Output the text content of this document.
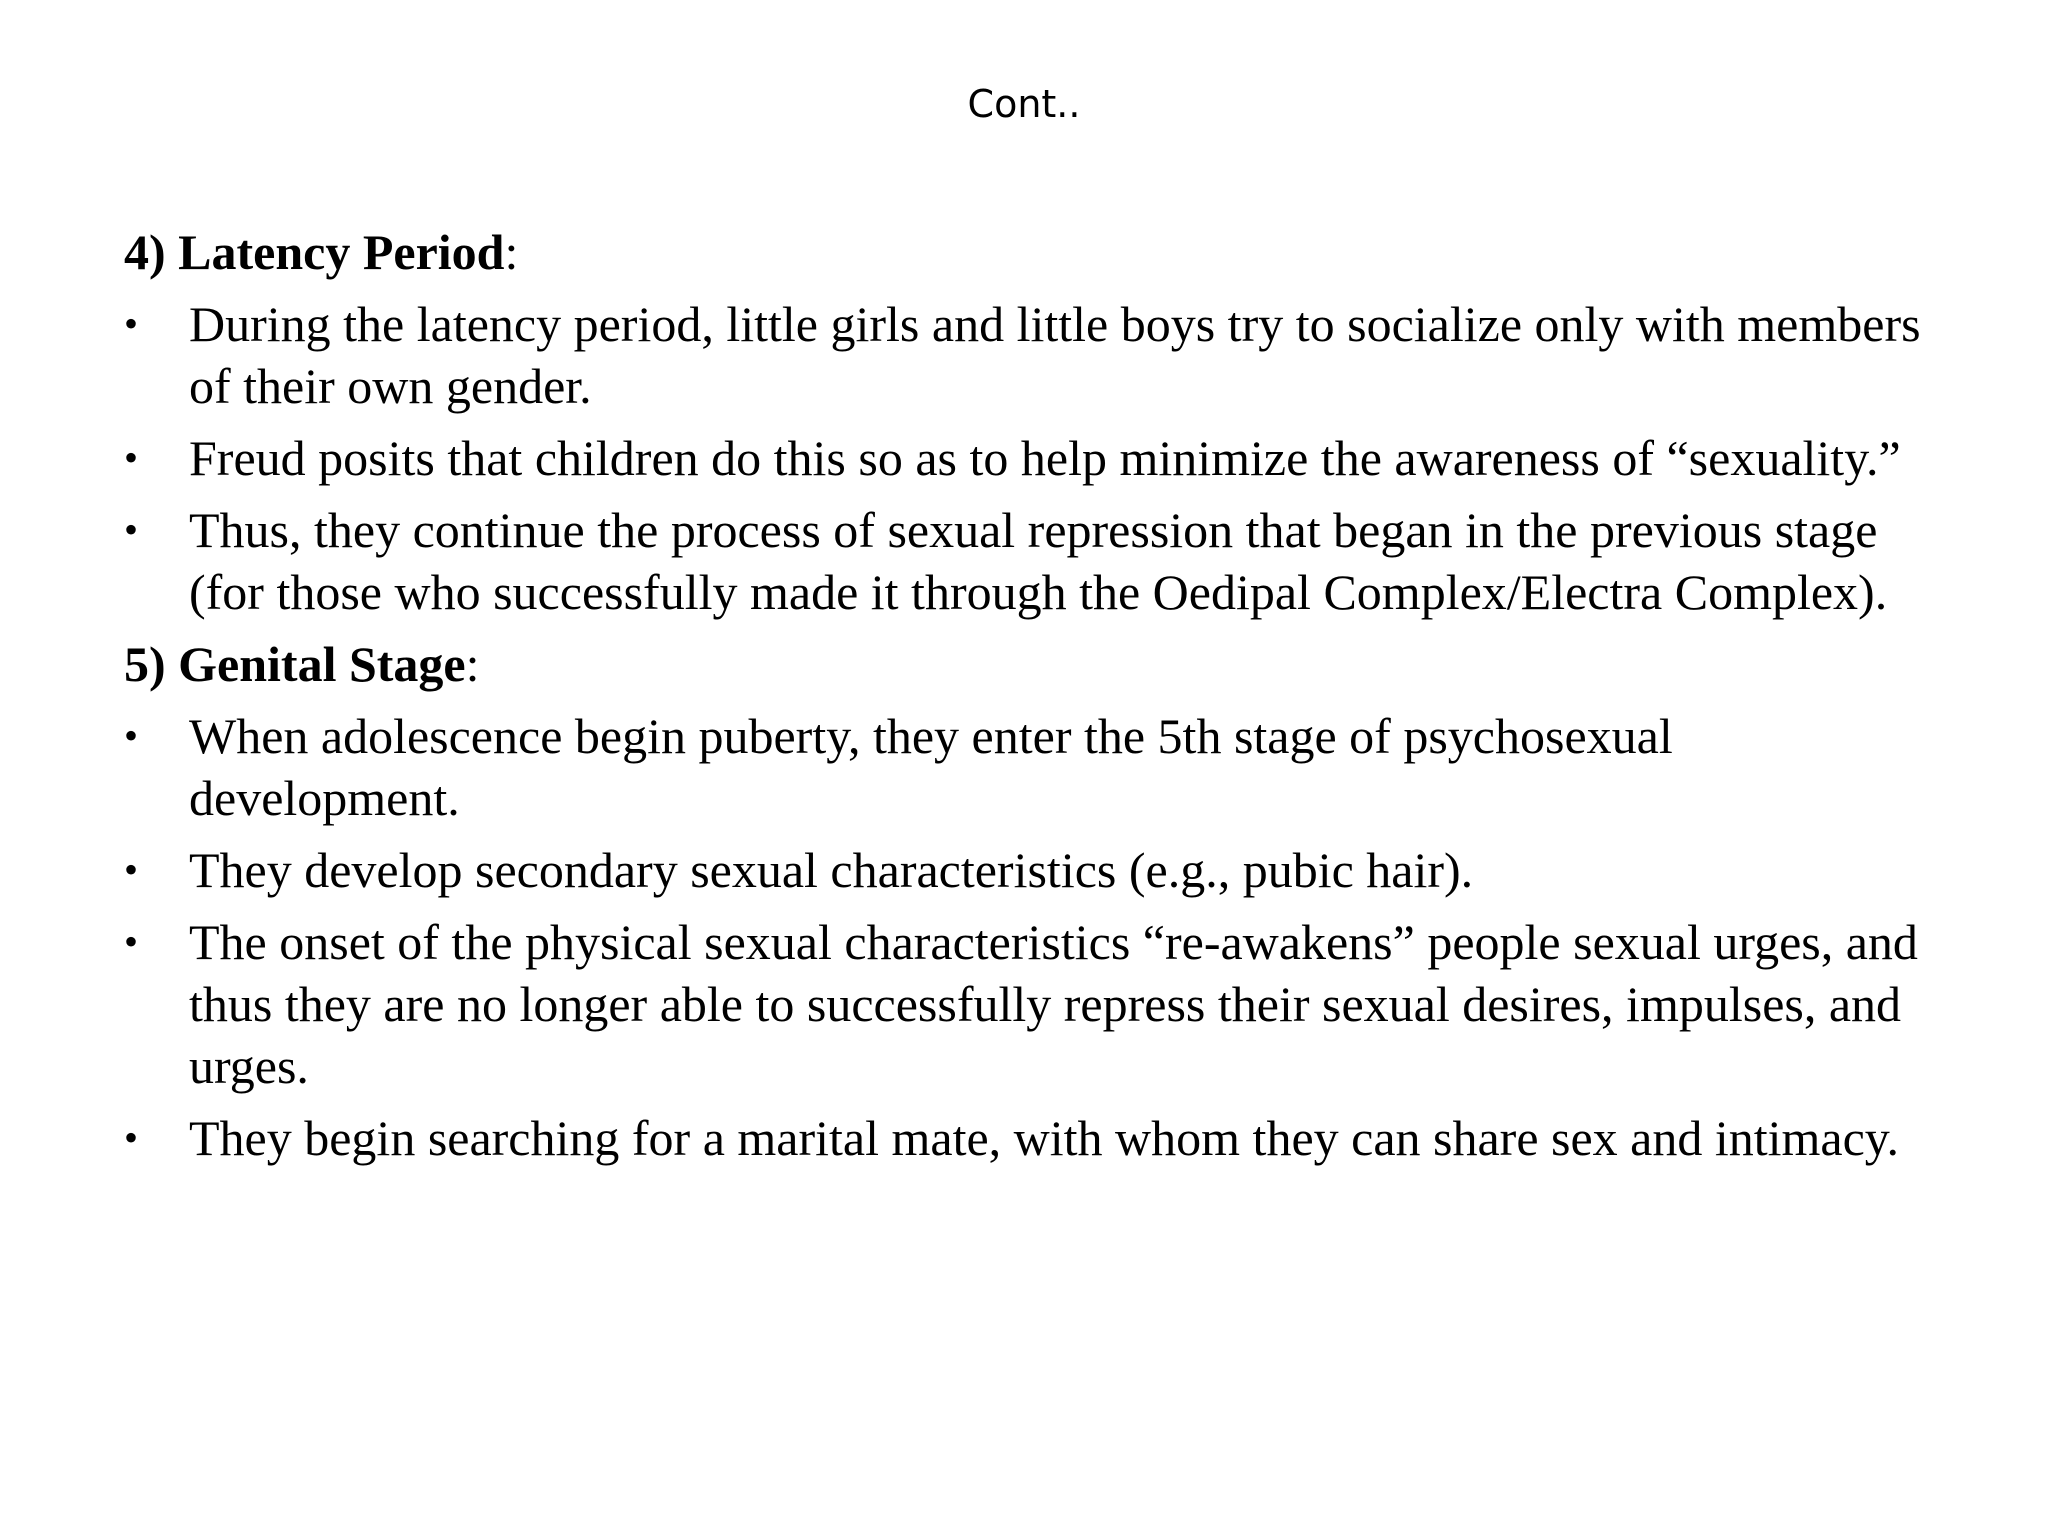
Cont..

4) Latency Period:

•	During the latency period, little girls and little boys try to socialize only with members of their own gender.
•	Freud posits that children do this so as to help minimize the awareness of “sexuality.”
•	Thus, they continue the process of sexual repression that began in the previous stage (for those who successfully made it through the Oedipal Complex/Electra Complex).

5) Genital Stage:

•	When adolescence begin puberty, they enter the 5th stage of psychosexual development.
•	They develop secondary sexual characteristics (e.g., pubic hair).
•	The onset of the physical sexual characteristics “re-awakens” people sexual urges, and thus they are no longer able to successfully repress their sexual desires, impulses, and urges.
•	They begin searching for a marital mate, with whom they can share sex and intimacy.
